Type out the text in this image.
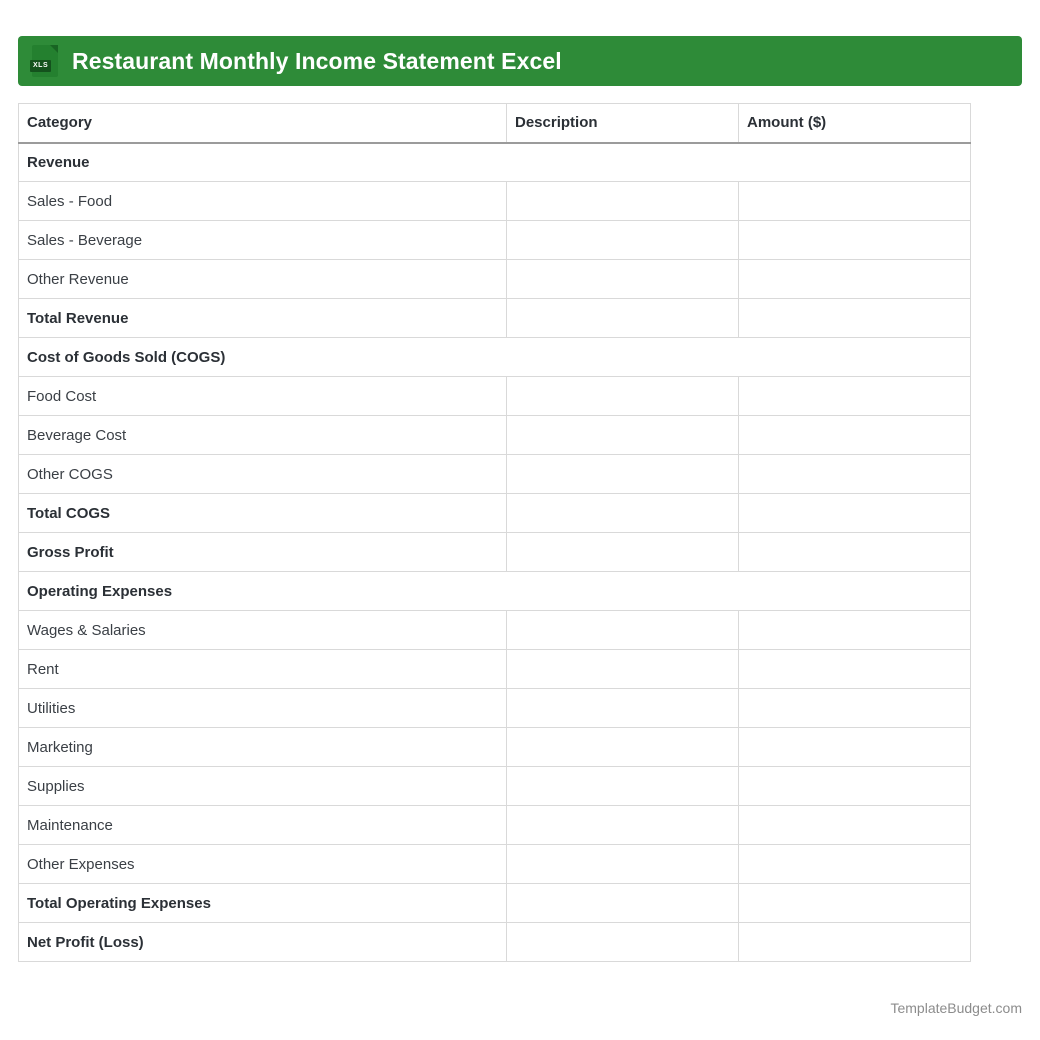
XLS Restaurant Monthly Income Statement Excel
Category	Description	Amount ($)
Revenue		
Sales - Food		
Sales - Beverage		
Other Revenue		
Total Revenue		
Cost of Goods Sold (COGS)		
Food Cost		
Beverage Cost		
Other COGS		
Total COGS		
Gross Profit		
Operating Expenses		
Wages & Salaries		
Rent		
Utilities		
Marketing		
Supplies		
Maintenance		
Other Expenses		
Total Operating Expenses		
Net Profit (Loss)		
TemplateBudget.com
